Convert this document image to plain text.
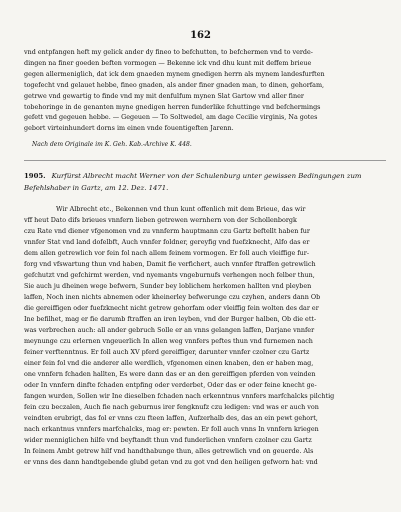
162

vnd entpfangen heft my gelick ander dy fineo to befchutten, to befchermen vnd to verde-

dingen na finer goeden beften vormogen — Bekenne ick vnd dhu kunt mit deffem brieue

gegen allermeniglich, dat ick dem gnaeden mynem gnedigen herrn als mynem landesfurften

togefecht vnd gelauet hebbe, fineo gnaden, als ander finer gnaden man, to dinen, gehorfam,

getrwe vnd gewartig to finde vnd my mit denfulfum mynen Slat Gartow vnd aller finer

tobehoringe in de genanten myne gnedigen herren funderlike fchuttinge vnd befchermings

gefett vnd gegeuen hebbe. — Gegeuen — To Soltwedel, am dage Cecilie virginis, Na gotes

gebort virteinhundert dorns im einen vnde fouentigeften Jarenn.

Nach dem Originale im K. Geh. Kab.-Archive K. 448.
1905. Kurfürst Albrecht macht Werner von der Schulenburg unter gewissen Bedingungen zum Befehlshaber in Gartz, am 12. Dez. 1471.

Wir Albrecht etc., Bekennen vnd thun kunt offenlich mit dem Brieue, das wir

vff heut Dato difs brieues vnnfern lieben getrewen wernhern von der Schollenborgk

czu Rate vnd diener vfgenomen vnd zu vnnferm hauptmann czu Gartz beftellt haben fur

vnnfer Stat vnd land dofelbft, Auch vnnfer foldner, gereyfig vnd fuefzknecht, Alfo das er

dem allen getrewlich vor fein fol nach allem feinem vormogen. Er foll auch vleiffige fur-

forg vnd vfswartung thun vnd haben, Damit fie verfichert, auch vnnfer ftraffen getrewlich

gefchutzt vnd gefchirmt werden, vnd nyemants vngeburnufs verhengen noch felber thun,

Sie auch ju dheinen wege befwern, Sunder bey loblichem herkomen hallten vnd pleyben

laffen, Noch inen nichts abnemen oder kheinerley befwerunge czu czyhen, anders dann Ob

die gereiffigen oder fuefzknecht nicht getrew gehorfam oder vleiffig fein wolten des dar er

Ine befilhet, mag er fie darumb ftraffen an iren leyben, vnd der Burger halben, Ob die ett-

was verbrechen auch: all ander gebruch Solle er an vnns gelangen laffen, Darjane vnnfer

meynunge czu erlernen vngeuerlich In allen weg vnnfers peftes thun vnd furnemen nach

feiner verftenntnus. Er foll auch XV pferd gereiffiger, darunter vnnfer czolner czu Gartz

einer fein fol vnd die anderer alle werdlich, vfgenomen einen knaben, den er haben mag,

one vnnfern fchaden hallten, Es were dann das er an den gereiffigen pferden von veinden

oder In vnnfern dinfte fchaden entpfing oder verderbet, Oder das er oder feine knecht ge-

fangen wurden, Sollen wir Ine dieselben fchaden nach erkenntnus vnnfers marfchalcks pilchtig

fein czu beczalen, Auch fie nach geburnus irer fengknufz czu ledigen: vnd was er auch von

veindten erubrigt, das fol er vnns czu fteen laffen, Aufzerhalb des, das an ein pewt gehort,

nach erkantnus vnnfers marfchalcks, mag er: pewten. Er foll auch vnns In vnnfern kriegen

wider menniglichen hilfe vnd beyftandt thun vnd funderlichen vnnfern czolner czu Gartz

In feinem Ambt getrew hilf vnd handthabunge thun, alles getrewlich vnd on geuerde. Als

er vnns des dann handtgebende glubd getan vnd zu got vnd den heiligen gefworn hat: vnd
